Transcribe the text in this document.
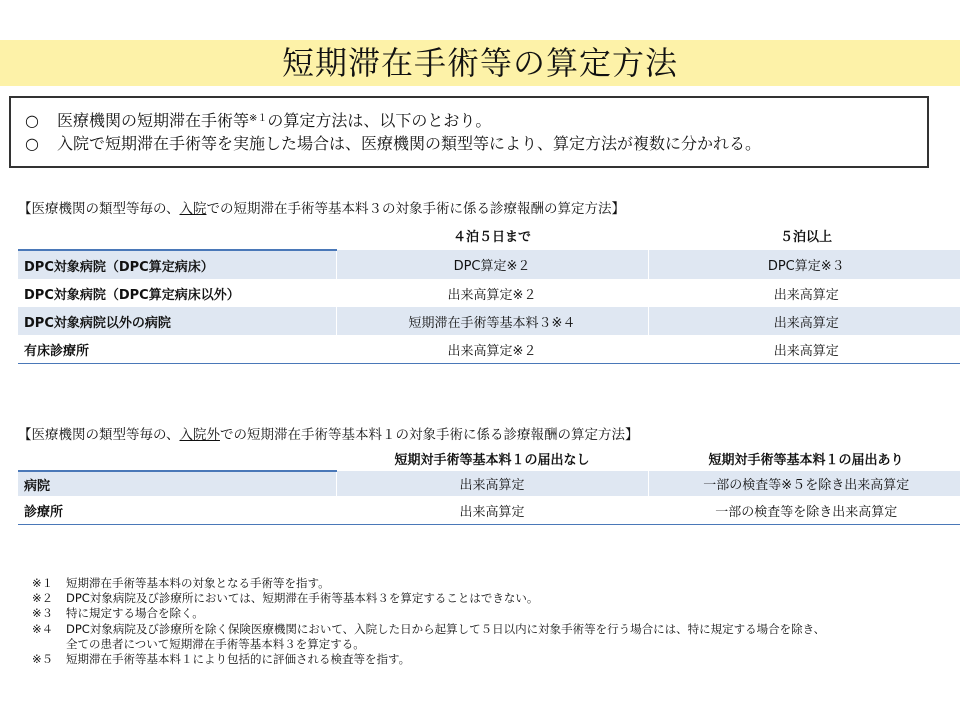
短期滞在手術等の算定方法
○ 医療機関の短期滞在手術等$^{※1}$の算定方法は、以下のとおり。
○ 入院で短期滞在手術等を実施した場合は、医療機関の類型等により、算定方法が複数に分かれる。
【医療機関の類型等毎の、入院での短期滞在手術等基本料３の対象手術に係る診療報酬の算定方法】
	４泊５日まで	５泊以上
DPC対象病院（DPC算定病床）	DPC算定※２	DPC算定※３
DPC対象病院（DPC算定病床以外）	出来高算定※２	出来高算定
DPC対象病院以外の病院	短期滞在手術等基本料３※４	出来高算定
有床診療所	出来高算定※２	出来高算定
【医療機関の類型等毎の、入院外での短期滞在手術等基本料１の対象手術に係る診療報酬の算定方法】
	短期対手術等基本料１の届出なし	短期対手術等基本料１の届出あり
病院	出来高算定	一部の検査等※５を除き出来高算定
診療所	出来高算定	一部の検査等を除き出来高算定
※１ 短期滞在手術等基本料の対象となる手術等を指す。
※２ DPC対象病院及び診療所においては、短期滞在手術等基本料３を算定することはできない。
※３ 特に規定する場合を除く。
※４ DPC対象病院及び診療所を除く保険医療機関において、入院した日から起算して５日以内に対象手術等を行う場合には、特に規定する場合を除き、
全ての患者について短期滞在手術等基本料３を算定する。
※５ 短期滞在手術等基本料１により包括的に評価される検査等を指す。
